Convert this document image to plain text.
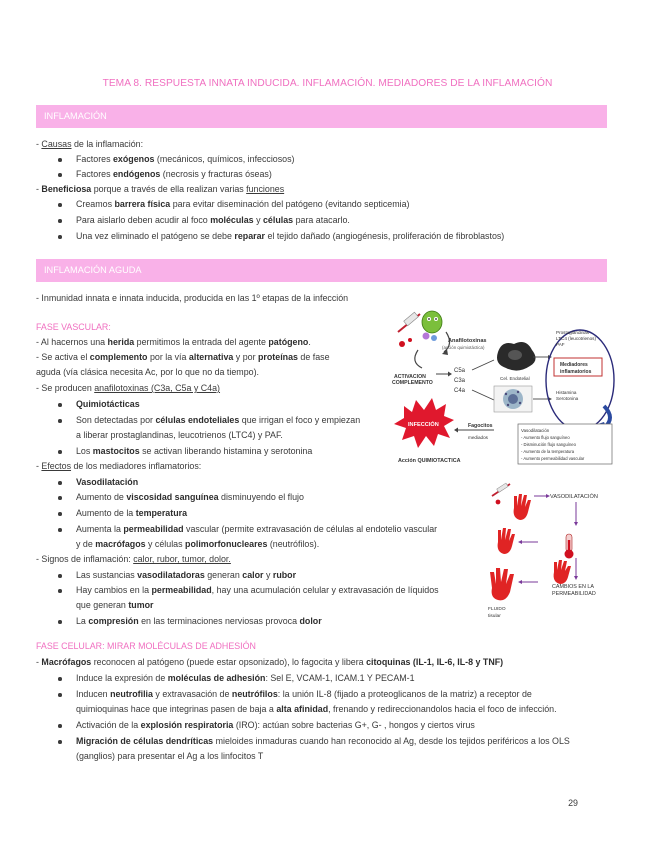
TEMA 8. RESPUESTA INNATA INDUCIDA. INFLAMACIÓN. MEDIADORES DE LA INFLAMACIÓN
INFLAMACIÓN
- Causas de la inflamación:
Factores exógenos (mecánicos, químicos, infecciosos)
Factores endógenos (necrosis y fracturas óseas)
- Beneficiosa porque a través de ella realizan varias funciones
Creamos barrera física para evitar diseminación del patógeno (evitando septicemia)
Para aislarlo deben acudir al foco moléculas y células para atacarlo.
Una vez eliminado el patógeno se debe reparar el tejido dañado (angiogénesis, proliferación de fibroblastos)
INFLAMACIÓN AGUDA
- Inmunidad innata e innata inducida, producida en las 1º etapas de la infección
FASE VASCULAR:
- Al hacernos una herida permitimos la entrada del agente patógeno.
- Se activa el complemento por la vía alternativa y por proteínas de fase
aguda (vía clásica necesita Ac, por lo que no da tiempo).
- Se producen anafilotoxinas (C3a, C5a y C4a)
Quimiotácticas
Son detectadas por células endoteliales que irrigan el foco y empiezan
a liberar prostaglandinas, leucotrienos (LTC4) y PAF.
Los mastocitos se activan liberando histamina y serotonina
- Efectos de los mediadores inflamatorios:
Vasodilatación
Aumento de viscosidad sanguínea disminuyendo el flujo
Aumento de la temperatura
Aumenta la permeabilidad vascular (permite extravasación de células al endotelio vascular
y de macrófagos y células polimorfonucleares (neutrófilos).
- Signos de inflamación: calor, rubor, tumor, dolor.
Las sustancias vasodilatadoras generan calor y rubor
Hay cambios en la permeabilidad, hay una acumulación celular y extravasación de líquidos
que generan tumor
La compresión en las terminaciones nerviosas provoca dolor
FASE CELULAR: MIRAR MOLÉCULAS DE ADHESIÓN
- Macrófagos reconocen al patógeno (puede estar opsonizado), lo fagocita y libera citoquinas (IL-1, IL-6, IL-8 y TNF)
Induce la expresión de moléculas de adhesión: Sel E, VCAM-1, ICAM.1 Y PECAM-1
Inducen neutrofilia y extravasación de neutrófilos: la unión IL-8 (fijado a proteoglicanos de la matriz) a receptor de
quimioquinas hace que integrinas pasen de baja a alta afinidad, frenando y redireccionandolos hacia el foco de infección.
Activación de la explosión respiratoria (IRO): actúan sobre bacterias G+, G- , hongos y ciertos virus
Migración de células dendríticas mieloides inmaduras cuando han reconocido al Ag, desde los tejidos periféricos a los OLS
(ganglios) para presentar el Ag a los linfocitos T
29
ACTIVACION
COMPLEMENTO
Anafilotoxinas
(acción quimiotáctica)
C5a
C3a
C4a
Cel. Endotelial
Prostaglandinas
LTC4 (leucotrienos)
PAF
Mediadores
inflamatorios
Histamina
Serotonina
INFECCIÓN
Acción QUIMIOTACTICA
Fagocitos
mediados
Vasodilatación
- Aumento flujo sanguíneo
- Disminución flujo sanguíneo
- Aumento de la temperatura
- Aumento permeabilidad vascular
VASODILATACIÓN
CAMBIOS EN LA
PERMEABILIDAD
FLUIDO
tisular
